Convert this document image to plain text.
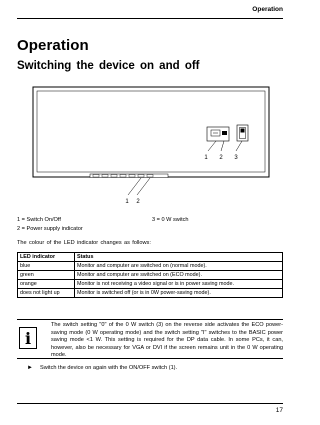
Operation
Operation
Switching the device on and off
1 2
1 2 3
1 = Switch On/Off	3 = 0 W switch
2 = Power supply indicator
The colour of the LED indicator changes as follows:
LED indicator	Status
blue	Monitor and computer are switched on (normal mode).
green	Monitor and computer are switched on (ECO mode).
orange	Monitor is not receiving a video signal or is in power saving mode.
does not light up	Monitor is switched off (or is in 0W power-saving mode).
i
The switch setting "0" of the 0 W switch (3) on the reverse side activates the ECO power- saving mode (0 W operating mode) and the switch setting "I" switches to the BASIC power saving mode <1 W. This setting is required for the DP data cable. In some PCs, it can, however, also be necessary for VGA or DVI if the screen remains unit in the 0 W operating mode.
► Switch the device on again with the ON/OFF switch (1).
17
